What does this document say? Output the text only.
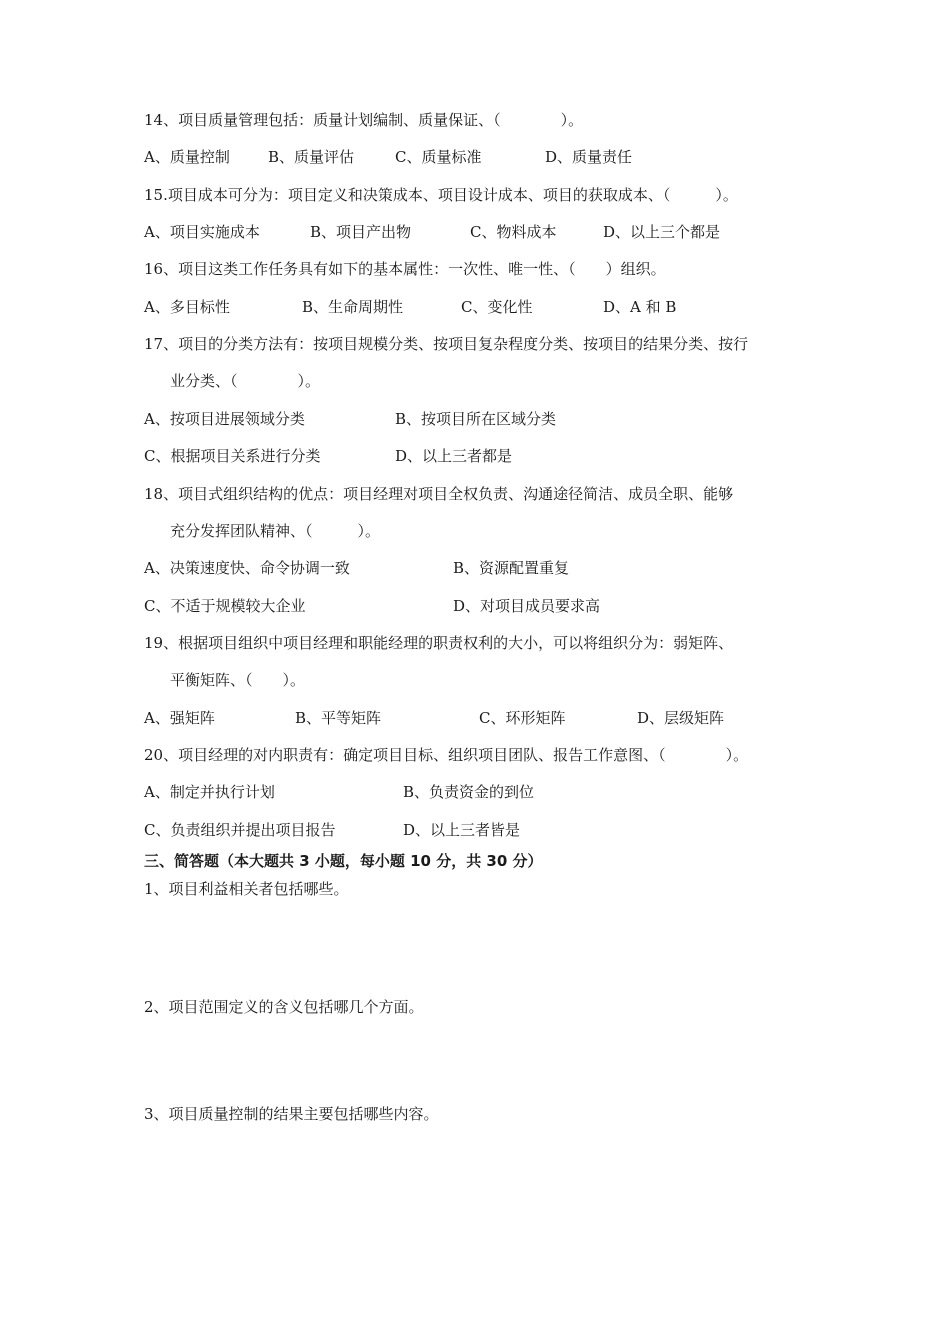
14、项目质量管理包括：质量计划编制、质量保证、（　　　　）。
A、质量控制	B、质量评估	C、质量标准	D、质量责任
15.项目成本可分为：项目定义和决策成本、项目设计成本、项目的获取成本、（　　　）。
A、项目实施成本	B、项目产出物	C、物料成本	D、以上三个都是
16、项目这类工作任务具有如下的基本属性：一次性、唯一性、（　　）组织。
A、多目标性	B、生命周期性	C、变化性	D、A 和 B
17、项目的分类方法有：按项目规模分类、按项目复杂程度分类、按项目的结果分类、按行
业分类、（　　　　）。
A、按项目进展领域分类	B、按项目所在区域分类
C、根据项目关系进行分类	D、以上三者都是
18、项目式组织结构的优点：项目经理对项目全权负责、沟通途径简洁、成员全职、能够
充分发挥团队精神、（　　　）。
A、决策速度快、命令协调一致	B、资源配置重复
C、不适于规模较大企业	D、对项目成员要求高
19、根据项目组织中项目经理和职能经理的职责权利的大小，可以将组织分为：弱矩阵、
平衡矩阵、（　　）。
A、强矩阵	B、平等矩阵	C、环形矩阵	D、层级矩阵
20、项目经理的对内职责有：确定项目目标、组织项目团队、报告工作意图、（　　　　）。
A、制定并执行计划	B、负责资金的到位
C、负责组织并提出项目报告	D、以上三者皆是
三、简答题（本大题共 3 小题，每小题 10 分，共 30 分）
1、项目利益相关者包括哪些。
2、项目范围定义的含义包括哪几个方面。
3、项目质量控制的结果主要包括哪些内容。
